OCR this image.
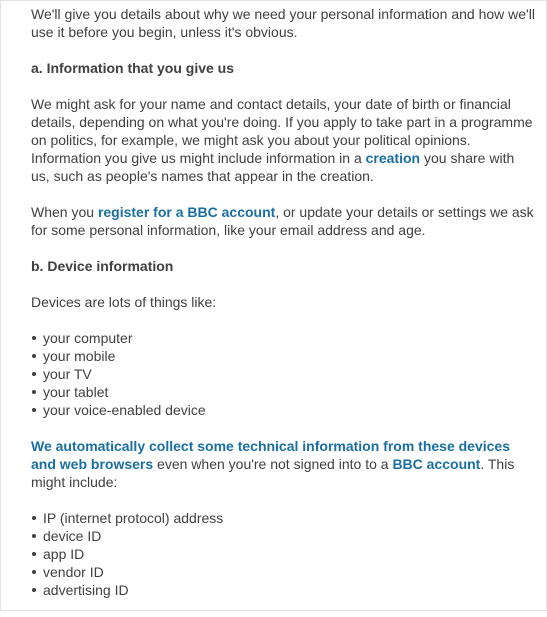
We'll give you details about why we need your personal information and how we'll use it before you begin, unless it's obvious.

a. Information that you give us

We might ask for your name and contact details, your date of birth or financial details, depending on what you're doing. If you apply to take part in a programme on politics, for example, we might ask you about your political opinions. Information you give us might include information in a creation you share with us, such as people's names that appear in the creation.

When you register for a BBC account, or update your details or settings we ask for some personal information, like your email address and age.

b. Device information

Devices are lots of things like:

your computer
your mobile
your TV
your tablet
your voice-enabled device

We automatically collect some technical information from these devices and web browsers even when you're not signed into to a BBC account. This might include:

IP (internet protocol) address
device ID
app ID
vendor ID
advertising ID
